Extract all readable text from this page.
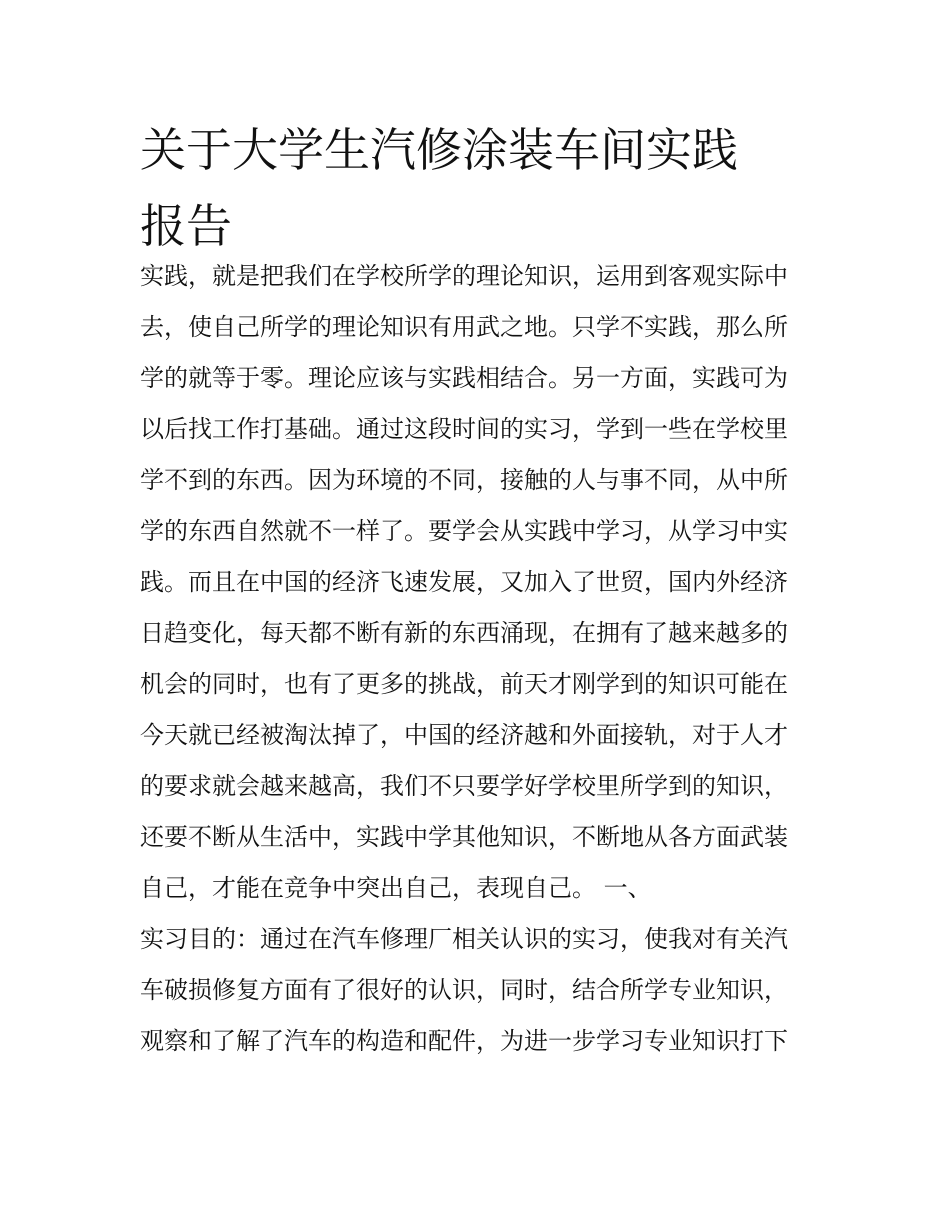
关于大学生汽修涂装车间实践
报告
实践，就是把我们在学校所学的理论知识，运用到客观实际中
去，使自己所学的理论知识有用武之地。只学不实践，那么所
学的就等于零。理论应该与实践相结合。另一方面，实践可为
以后找工作打基础。通过这段时间的实习，学到一些在学校里
学不到的东西。因为环境的不同，接触的人与事不同，从中所
学的东西自然就不一样了。要学会从实践中学习，从学习中实
践。而且在中国的经济飞速发展，又加入了世贸，国内外经济
日趋变化，每天都不断有新的东西涌现，在拥有了越来越多的
机会的同时，也有了更多的挑战，前天才刚学到的知识可能在
今天就已经被淘汰掉了，中国的经济越和外面接轨，对于人才
的要求就会越来越高，我们不只要学好学校里所学到的知识，
还要不断从生活中，实践中学其他知识，不断地从各方面武装
自己，才能在竞争中突出自己，表现自己。 一、
实习目的：通过在汽车修理厂相关认识的实习，使我对有关汽
车破损修复方面有了很好的认识，同时，结合所学专业知识，
观察和了解了汽车的构造和配件，为进一步学习专业知识打下
